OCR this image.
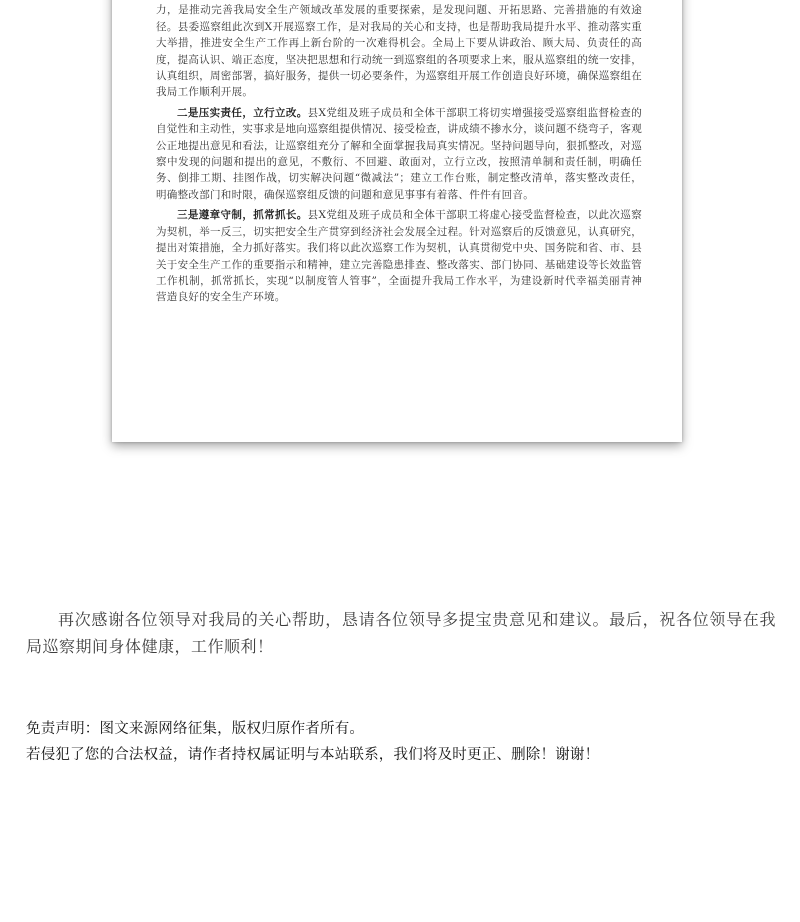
力，是推动完善我局安全生产领域改革发展的重要探索，是发现问题、开拓思路、完善措施的有效途径。县委巡察组此次到X开展巡察工作，是对我局的关心和支持，也是帮助我局提升水平、推动落实重大举措，推进安全生产工作再上新台阶的一次难得机会。全局上下要从讲政治、顾大局、负责任的高度，提高认识、端正态度，坚决把思想和行动统一到巡察组的各项要求上来，服从巡察组的统一安排，认真组织，周密部署，搞好服务，提供一切必要条件，为巡察组开展工作创造良好环境，确保巡察组在我局工作顺利开展。

二是压实责任，立行立改。县X党组及班子成员和全体干部职工将切实增强接受巡察组监督检查的自觉性和主动性，实事求是地向巡察组提供情况、接受检查，讲成绩不掺水分，谈问题不绕弯子，客观公正地提出意见和看法，让巡察组充分了解和全面掌握我局真实情况。坚持问题导向，狠抓整改，对巡察中发现的问题和提出的意见，不敷衍、不回避、敢面对，立行立改，按照清单制和责任制，明确任务、倒排工期、挂图作战，切实解决问题“微减法”；建立工作台账，制定整改清单，落实整改责任，明确整改部门和时限，确保巡察组反馈的问题和意见事事有着落、件件有回音。

三是遵章守制，抓常抓长。县X党组及班子成员和全体干部职工将虚心接受监督检查，以此次巡察为契机，举一反三，切实把安全生产贯穿到经济社会发展全过程。针对巡察后的反馈意见，认真研究，提出对策措施，全力抓好落实。我们将以此次巡察工作为契机，认真贯彻党中央、国务院和省、市、县关于安全生产工作的重要指示和精神，建立完善隐患排查、整改落实、部门协同、基础建设等长效监管工作机制，抓常抓长，实现“以制度管人管事”，全面提升我局工作水平，为建设新时代幸福美丽青神营造良好的安全生产环境。

再次感谢各位领导对我局的关心帮助，恳请各位领导多提宝贵意见和建议。最后，祝各位领导在我局巡察期间身体健康，工作顺利！
免责声明：图文来源网络征集，版权归原作者所有。
若侵犯了您的合法权益，请作者持权属证明与本站联系，我们将及时更正、删除！谢谢！
